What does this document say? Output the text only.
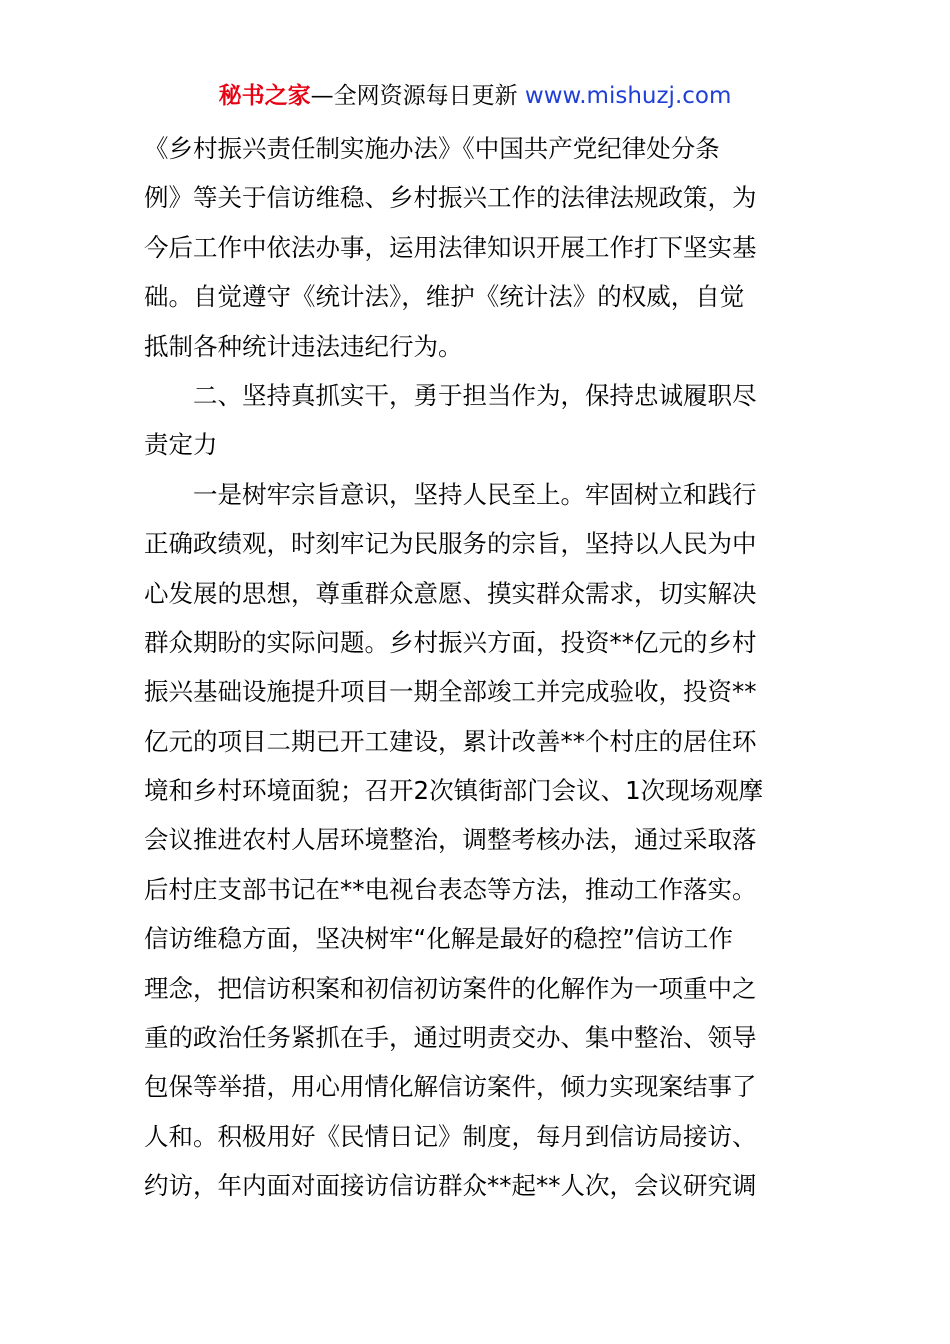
秘书之家—全网资源每日更新 www.mishuzj.com
《乡村振兴责任制实施办法》《中国共产党纪律处分条
例》等关于信访维稳、乡村振兴工作的法律法规政策，为
今后工作中依法办事，运用法律知识开展工作打下坚实基
础。自觉遵守《统计法》，维护《统计法》的权威，自觉
抵制各种统计违法违纪行为。
二、坚持真抓实干，勇于担当作为，保持忠诚履职尽
责定力
一是树牢宗旨意识，坚持人民至上。牢固树立和践行
正确政绩观，时刻牢记为民服务的宗旨，坚持以人民为中
心发展的思想，尊重群众意愿、摸实群众需求，切实解决
群众期盼的实际问题。乡村振兴方面，投资**亿元的乡村
振兴基础设施提升项目一期全部竣工并完成验收，投资**
亿元的项目二期已开工建设，累计改善**个村庄的居住环
境和乡村环境面貌；召开2次镇街部门会议、1次现场观摩
会议推进农村人居环境整治，调整考核办法，通过采取落
后村庄支部书记在**电视台表态等方法，推动工作落实。
信访维稳方面，坚决树牢“化解是最好的稳控”信访工作
理念，把信访积案和初信初访案件的化解作为一项重中之
重的政治任务紧抓在手，通过明责交办、集中整治、领导
包保等举措，用心用情化解信访案件，倾力实现案结事了
人和。积极用好《民情日记》制度，每月到信访局接访、
约访，年内面对面接访信访群众**起**人次，会议研究调
